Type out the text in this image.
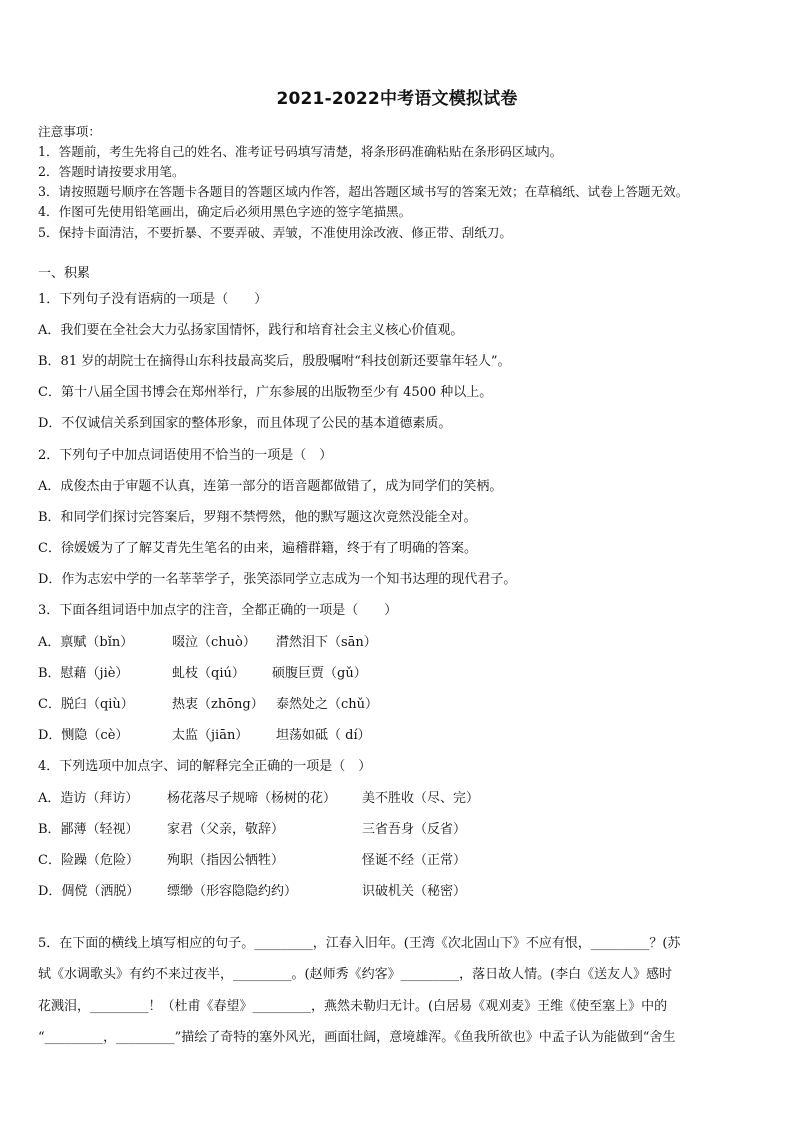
2021-2022中考语文模拟试卷
注意事项：
1．答题前，考生先将自己的姓名、准考证号码填写清楚，将条形码准确粘贴在条形码区域内。
2．答题时请按要求用笔。
3．请按照题号顺序在答题卡各题目的答题区域内作答，超出答题区域书写的答案无效；在草稿纸、试卷上答题无效。
4．作图可先使用铅笔画出，确定后必须用黑色字迹的签字笔描黑。
5．保持卡面清洁，不要折暴、不要弄破、弄皱，不准使用涂改液、修正带、刮纸刀。
一、积累
1．下列句子没有语病的一项是（　　）
A．我们要在全社会大力弘扬家国情怀，践行和培育社会主义核心价值观。
B．81 岁的胡院士在摘得山东科技最高奖后，殷殷嘱咐“科技创新还要靠年轻人”。
C．第十八届全国书博会在郑州举行，广东参展的出版物至少有 4500 种以上。
D．不仅诚信关系到国家的整体形象，而且体现了公民的基本道德素质。
2．下列句子中加点词语使用不恰当的一项是（　）
A．成俊杰由于审题不认真，连第一部分的语音题都做错了，成为同学们的笑柄。
B．和同学们探讨完答案后，罗翔不禁愕然，他的默写题这次竟然没能全对。
C．徐媛媛为了了解艾青先生笔名的由来，遍稽群籍，终于有了明确的答案。
D．作为志宏中学的一名莘莘学子，张笑添同学立志成为一个知书达理的现代君子。
3．下面各组词语中加点字的注音，全都正确的一项是（　　）
A．禀赋（bǐn）	啜泣（chuò） 潸然泪下（sān）
B．慰藉（jiè）	虬枝（qiú） 硕腹巨贾（gǔ）
C．脱臼（qiù）	热衷（zhōng） 泰然处之（chǔ）
D．恻隐（cè）	太监（jiān） 坦荡如砥（ dí）
4．下列选项中加点字、词的解释完全正确的一项是（　）
A．造访（拜访） 杨花落尽子规啼（杨树的花） 美不胜收（尽、完）
B．鄙薄（轻视） 家君（父亲，敬辞）	三省吾身（反省）
C．险躁（危险） 殉职（指因公牺牲）	怪诞不经（正常）
D．倜傥（洒脱） 缥缈（形容隐隐约约）	识破机关（秘密）
5．在下面的横线上填写相应的句子。_________，江春入旧年。(王湾《次北固山下》不应有恨，_________？(苏
轼《水调歌头》有约不来过夜半，_________。(赵师秀《约客》_________，落日故人情。(李白《送友人》感时
花溅泪，_________！（杜甫《春望》_________，燕然未勒归无计。(白居易《观刈麦》王维《使至塞上》中的
“_________，_________”描绘了奇特的塞外风光，画面壮阔，意境雄浑。《鱼我所欲也》中孟子认为能做到“舍生
